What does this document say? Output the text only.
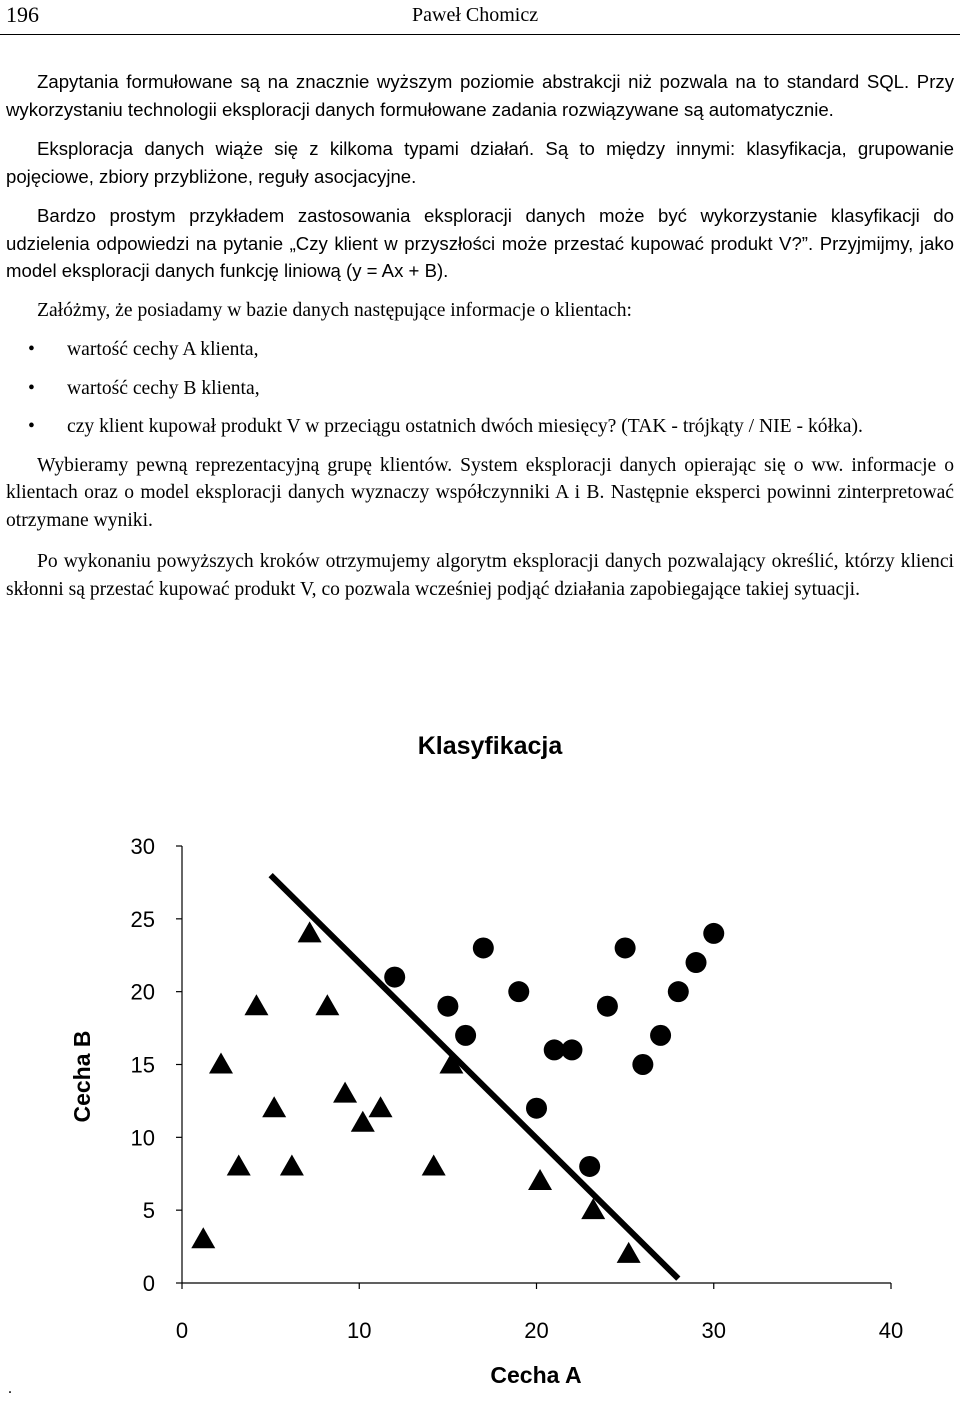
196	Paweł Chomicz

Zapytania formułowane są na znacznie wyższym poziomie abstrakcji niż pozwala na to standard SQL. Przy wykorzystaniu technologii eksploracji danych formułowane zadania rozwiązywane są automatycznie.

Eksploracja danych wiąże się z kilkoma typami działań. Są to między innymi: klasyfikacja, grupowanie pojęciowe, zbiory przybliżone, reguły asocjacyjne.

Bardzo prostym przykładem zastosowania eksploracji danych może być wykorzystanie klasyfikacji do udzielenia odpowiedzi na pytanie „Czy klient w przyszłości może przestać kupować produkt V?”. Przyjmijmy, jako model eksploracji danych funkcję liniową (y = Ax + B).

Załóżmy, że posiadamy w bazie danych następujące informacje o klientach:

• wartość cechy A klienta,
• wartość cechy B klienta,
• czy klient kupował produkt V w przeciągu ostatnich dwóch miesięcy? (TAK - trójkąty / NIE - kółka).

Wybieramy pewną reprezentacyjną grupę klientów. System eksploracji danych opierając się o ww. informacje o klientach oraz o model eksploracji danych wyznaczy współczynniki A i B. Następnie eksperci powinni zinterpretować otrzymane wyniki.

Po wykonaniu powyższych kroków otrzymujemy algorytm eksploracji danych pozwalający określić, którzy klienci skłonni są przestać kupować produkt V, co pozwala wcześniej podjąć działania zapobiegające takiej sytuacji.

Klasyfikacja
Cecha B
Cecha A
0
5
10
15
20
25
30
0	10	20	30	40
.
